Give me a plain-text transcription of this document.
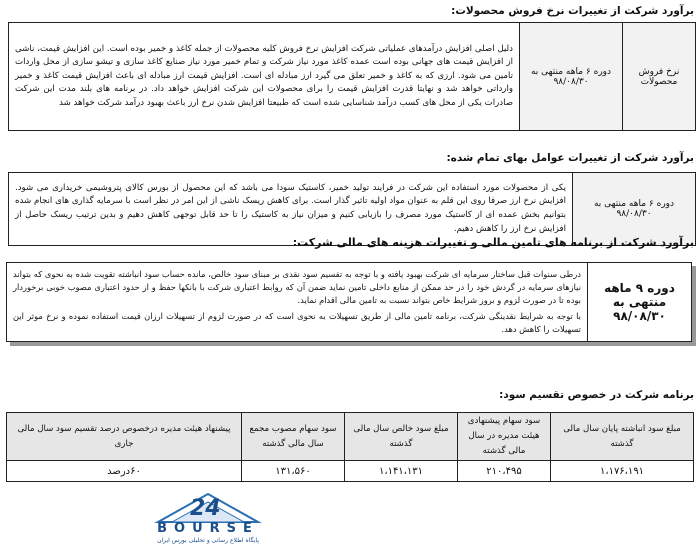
برآورد شرکت از تغییرات نرخ فروش محصولات:
نرخ فروش محصولات	دوره ۶ ماهه منتهی به ۹۸/۰۸/۳۰	دلیل اصلی افزایش درآمدهای عملیاتی شرکت افزایش نرخ فروش کلیه محصولات از جمله کاغذ و خمیر بوده است. این افزایش قیمت، ناشی از افزایش قیمت های جهانی بوده است عمده کاغذ مورد نیاز شرکت و تمام خمیر مورد نیاز صنایع کاغذ سازی و تیشو سازی از محل واردات تامین می شود. ارزی که به کاغذ و خمیر تعلق می گیرد ارز مبادله ای است. افزایش قیمت ارز مبادله ای باعث افزایش قیمت کاغذ و خمیر وارداتی خواهد شد و نهایتا قدرت افزایش قیمت را برای محصولات این شرکت افزایش خواهد داد. در برنامه های بلند مدت این شرکت صادرات یکی از محل های کسب درآمد شناسایی شده است که طبیعتا افزایش شدن نرخ ارز باعث بهبود درآمد شرکت خواهد شد
برآورد شرکت از تغییرات عوامل بهای تمام شده:
دوره ۶ ماهه منتهی به ۹۸/۰۸/۳۰	یکی از محصولات مورد استفاده این شرکت در فرایند تولید خمیر، کاستیک سودا می باشد که این محصول از بورس کالای پتروشیمی خریداری می شود. افزایش نرخ ارز صرفا روی این قلم به عنوان مواد اولیه تاثیر گذار است. برای کاهش ریسک ناشی از این امر در نظر است با سرمایه گذاری های انجام شده بتوانیم بخش عمده ای از کاستیک مورد مصرف را بازیابی کنیم و میزان نیاز به کاستیک را تا حد قابل توجهی کاهش دهیم و بدین ترتیب ریسک حاصل از افزایش نرخ ارز را کاهش دهیم.
برآورد شرکت از برنامه های تامین مالی و تغییرات هزینه های مالی شرکت:
دوره ۹ ماهه منتهی به ۹۸/۰۸/۳۰	
درطی سنوات قبل ساختار سرمایه ای شرکت بهبود یافته و با توجه به تقسیم سود نقدی بر مبنای سود خالص، مانده حساب سود انباشته تقویت شده به نحوی که بتواند نیازهای سرمایه در گردش خود را در حد ممکن از منابع داخلی تامین نماید ضمن آن که روابط اعتباری شرکت با بانکها حفظ و از حدود اعتباری مصوب خوبی برخوردار بوده تا در صورت لزوم و بروز شرایط خاص بتواند نسبت به تامین مالی اقدام نماید.
با توجه به شرایط نقدینگی شرکت، برنامه تامین مالی از طریق تسهیلات به نحوی است که در صورت لزوم از تسهیلات ارزان قیمت استفاده نموده و نرخ موثر این تسهیلات را کاهش دهد.
برنامه شرکت در خصوص تقسیم سود:
مبلغ سود انباشته پایان سال مالی گذشته	سود سهام پیشنهادی هیئت مدیره در سال مالی گذشته	مبلغ سود خالص سال مالی گذشته	سود سهام مصوب مجمع سال مالی گذشته	پیشنهاد هیئت مدیره درخصوص درصد تقسیم سود سال مالی جاری
۱،۱۷۶،۱۹۱	۲۱۰،۴۹۵	۱،۱۴۱،۱۳۱	۱۳۱،۵۶۰	۶۰درصد
24
BOURSE
پایگاه اطلاع رسانی و تحلیلی بورس ایران
